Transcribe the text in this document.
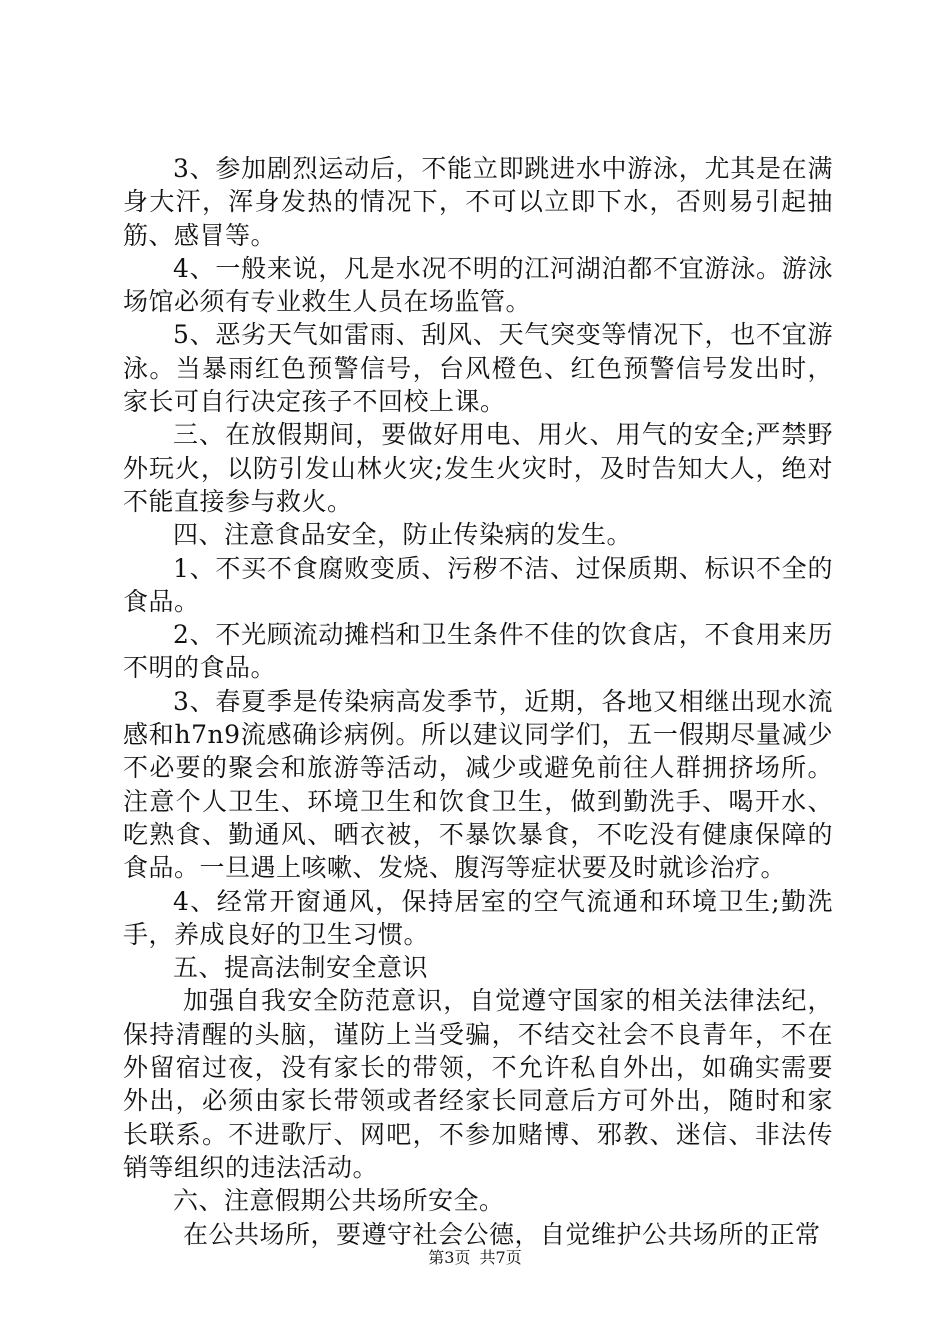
3、参加剧烈运动后，不能立即跳进水中游泳，尤其是在满身大汗，浑身发热的情况下，不可以立即下水，否则易引起抽筋、感冒等。

4、一般来说，凡是水况不明的江河湖泊都不宜游泳。游泳场馆必须有专业救生人员在场监管。

5、恶劣天气如雷雨、刮风、天气突变等情况下，也不宜游泳。当暴雨红色预警信号，台风橙色、红色预警信号发出时，家长可自行决定孩子不回校上课。

三、在放假期间，要做好用电、用火、用气的安全;严禁野外玩火，以防引发山林火灾;发生火灾时，及时告知大人，绝对不能直接参与救火。

四、注意食品安全，防止传染病的发生。

1、不买不食腐败变质、污秽不洁、过保质期、标识不全的食品。

2、不光顾流动摊档和卫生条件不佳的饮食店，不食用来历不明的食品。

3、春夏季是传染病高发季节，近期，各地又相继出现水流感和h7n9流感确诊病例。所以建议同学们，五一假期尽量减少不必要的聚会和旅游等活动，减少或避免前往人群拥挤场所。注意个人卫生、环境卫生和饮食卫生，做到勤洗手、喝开水、吃熟食、勤通风、晒衣被，不暴饮暴食，不吃没有健康保障的食品。一旦遇上咳嗽、发烧、腹泻等症状要及时就诊治疗。

4、经常开窗通风，保持居室的空气流通和环境卫生;勤洗手，养成良好的卫生习惯。

五、提高法制安全意识

加强自我安全防范意识，自觉遵守国家的相关法律法纪，保持清醒的头脑，谨防上当受骗，不结交社会不良青年，不在外留宿过夜，没有家长的带领，不允许私自外出，如确实需要外出，必须由家长带领或者经家长同意后方可外出，随时和家长联系。不进歌厅、网吧，不参加赌博、邪教、迷信、非法传销等组织的违法活动。

六、注意假期公共场所安全。

在公共场所，要遵守社会公德，自觉维护公共场所的正常

第3页 共7页
